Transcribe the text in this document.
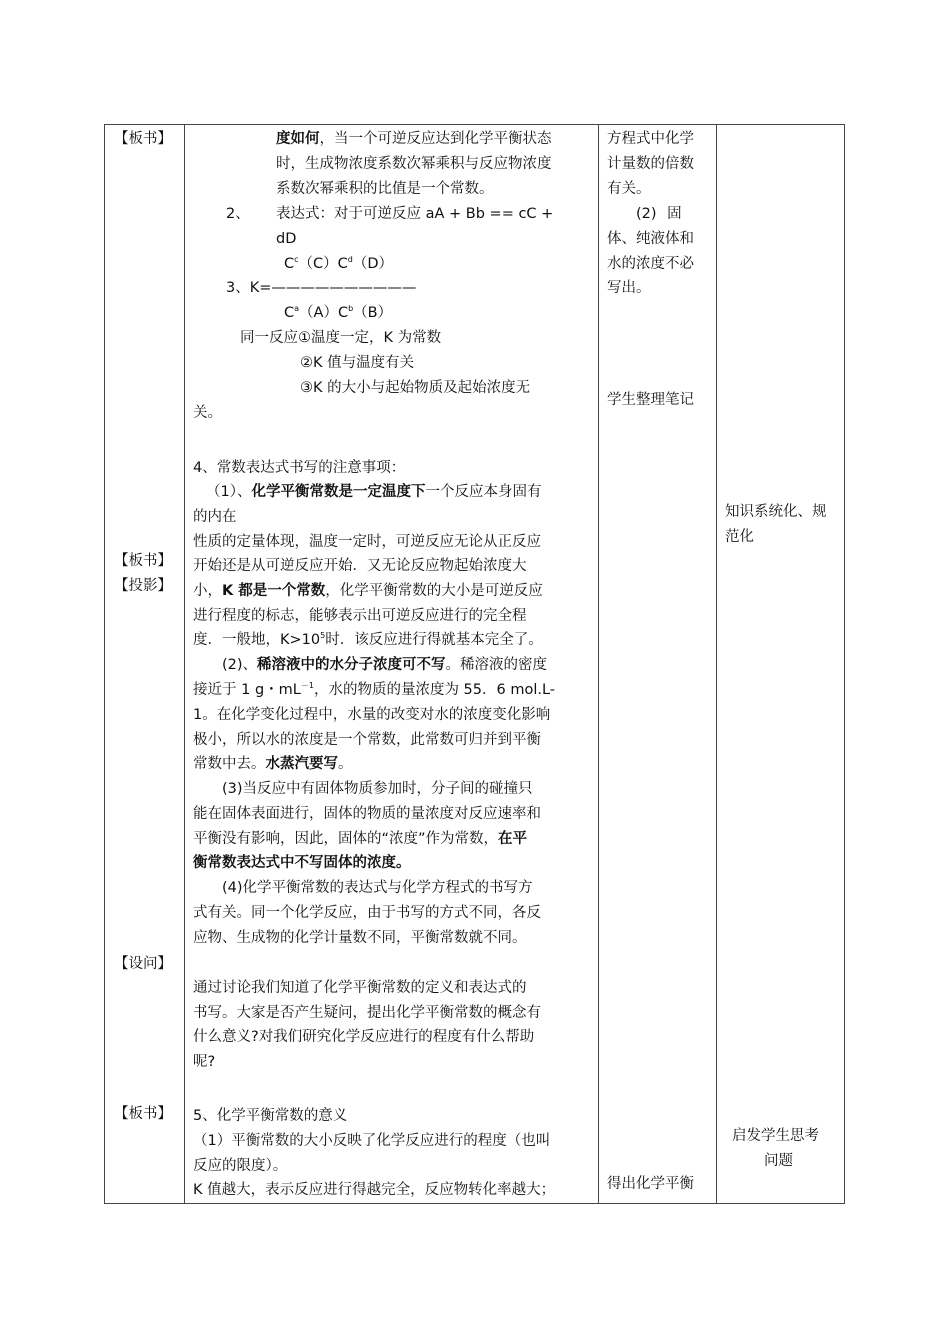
【板书】
【板书】
【投影】
【设问】
【板书】
度如何，当一个可逆反应达到化学平衡状态
时，生成物浓度系数次幂乘积与反应物浓度
系数次幂乘积的比值是一个常数。
2、 表达式：对于可逆反应 aA + Bb == cC +
dD
$C^c(C)C^d(D)$
3、K=——————————
$C^a(A)C^b(B)$
同一反应①温度一定，K 为常数
②K 值与温度有关
③K 的大小与起始物质及起始浓度无
关。
4、常数表达式书写的注意事项：
（1）、化学平衡常数是一定温度下一个反应本身固有
的内在
性质的定量体现，温度一定时，可逆反应无论从正反应
开始还是从可逆反应开始．又无论反应物起始浓度大
小，K 都是一个常数，化学平衡常数的大小是可逆反应
进行程度的标志，能够表示出可逆反应进行的完全程
度．一般地，$K>10^5$时．该反应进行得就基本完全了。
(2)、稀溶液中的水分子浓度可不写。稀溶液的密度
接近于 1 g・$mL^{-1}$，水的物质的量浓度为 55．6 mol.L-
1。在化学变化过程中，水量的改变对水的浓度变化影响
极小，所以水的浓度是一个常数，此常数可归并到平衡
常数中去。水蒸汽要写。
(3)当反应中有固体物质参加时，分子间的碰撞只
能在固体表面进行，固体的物质的量浓度对反应速率和
平衡没有影响，因此，固体的“浓度”作为常数，在平
衡常数表达式中不写固体的浓度。
(4)化学平衡常数的表达式与化学方程式的书写方
式有关。同一个化学反应，由于书写的方式不同，各反
应物、生成物的化学计量数不同，平衡常数就不同。
通过讨论我们知道了化学平衡常数的定义和表达式的
书写。大家是否产生疑问，提出化学平衡常数的概念有
什么意义?对我们研究化学反应进行的程度有什么帮助
呢?
5、化学平衡常数的意义
（1）平衡常数的大小反映了化学反应进行的程度（也叫
反应的限度）。
K 值越大，表示反应进行得越完全，反应物转化率越大；
方程式中化学
计量数的倍数
有关。
(2) 固
体、纯液体和
水的浓度不必
写出。
学生整理笔记
得出化学平衡
知识系统化、规
范化
启发学生思考
问题
